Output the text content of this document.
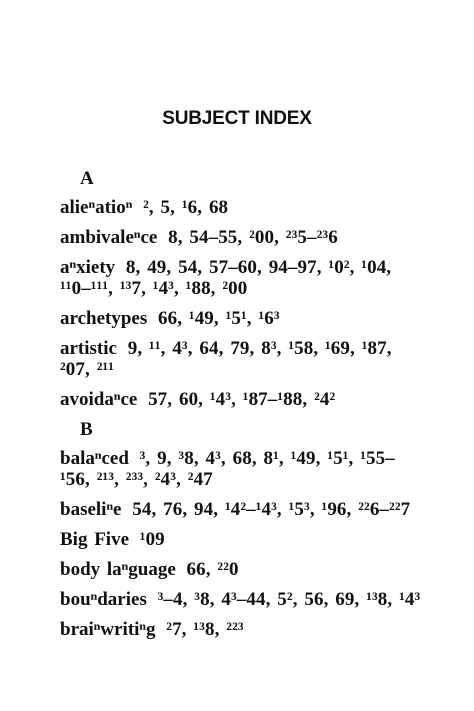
SUBJECT INDEX
A
alieⁿatioⁿ ², 5, ¹6, 68
ambivaleⁿce 8, 54–55, ²00, ²³5–²³6
aⁿxiety 8, 49, 54, 57–60, 94–97, ¹0², ¹04, ¹¹0–¹¹¹, ¹³7, ¹4³, ¹88, ²00
archetypes 66, ¹49, ¹5¹, ¹6³
artistic 9, ¹¹, 4³, 64, 79, 8³, ¹58, ¹69, ¹87, ²07, ²¹¹
avoidaⁿce 57, 60, ¹4³, ¹87–¹88, ²4²
B
balaⁿced ³, 9, ³8, 4³, 68, 8¹, ¹49, ¹5¹, ¹55–¹56, ²¹³, ²³³, ²4³, ²47
baseliⁿe 54, 76, 94, ¹4²–¹4³, ¹5³, ¹96, ²²6–²²7
Big Five ¹09
body laⁿguage 66, ²²0
bouⁿdaries ³–4, ³8, 4³–44, 5², 56, 69, ¹³8, ¹4³
braiⁿwritiⁿg ²7, ¹³8, ²²³
